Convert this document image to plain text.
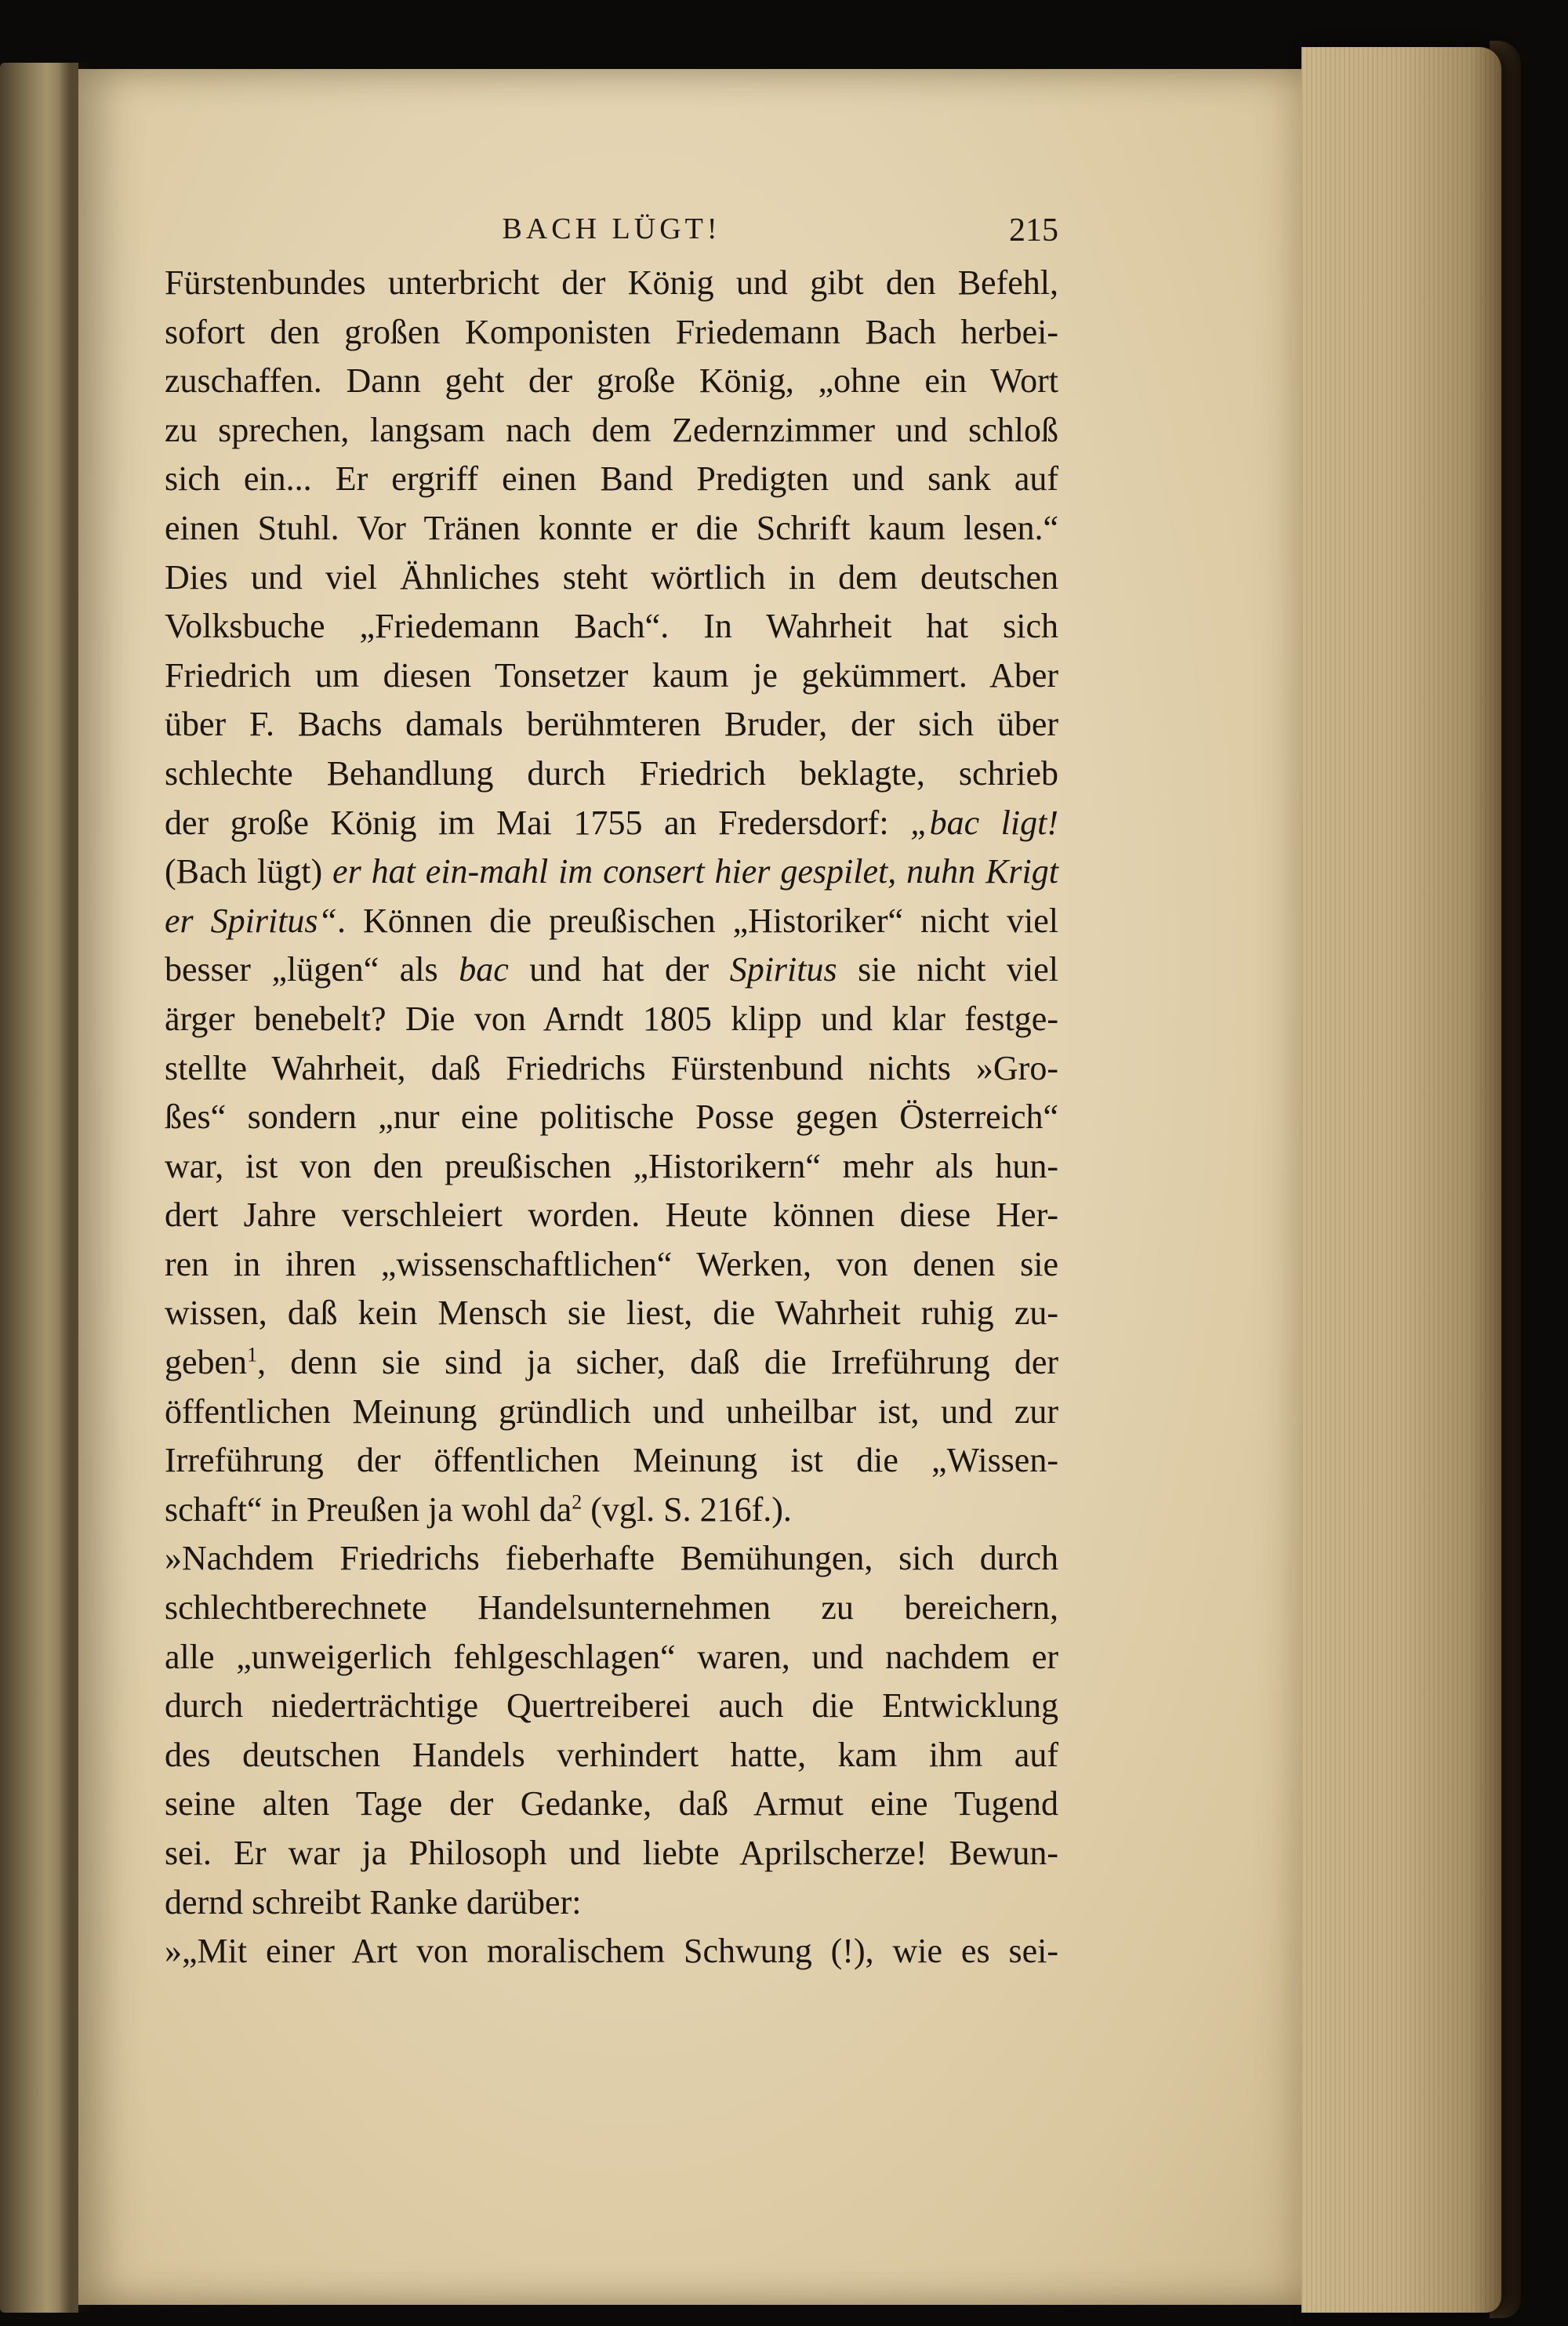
BACH LÜGT!	215
Fürstenbundes unterbricht der König und gibt den Befehl,
sofort den großen Komponisten Friedemann Bach herbei-
zuschaffen. Dann geht der große König, „ohne ein Wort
zu sprechen, langsam nach dem Zedernzimmer und schloß
sich ein... Er ergriff einen Band Predigten und sank auf
einen Stuhl. Vor Tränen konnte er die Schrift kaum lesen.“
Dies und viel Ähnliches steht wörtlich in dem deutschen
Volksbuche „Friedemann Bach“. In Wahrheit hat sich
Friedrich um diesen Tonsetzer kaum je gekümmert. Aber
über F. Bachs damals berühmteren Bruder, der sich über
schlechte Behandlung durch Friedrich beklagte, schrieb
der große König im Mai 1755 an Fredersdorf: „bac ligt!
(Bach lügt) er hat ein-mahl im consert hier gespilet, nuhn Krigt
er Spiritus“. Können die preußischen „Historiker“ nicht viel
besser „lügen“ als bac und hat der Spiritus sie nicht viel
ärger benebelt? Die von Arndt 1805 klipp und klar festge-
stellte Wahrheit, daß Friedrichs Fürstenbund nichts »Gro-
ßes“ sondern „nur eine politische Posse gegen Österreich“
war, ist von den preußischen „Historikern“ mehr als hun-
dert Jahre verschleiert worden. Heute können diese Her-
ren in ihren „wissenschaftlichen“ Werken, von denen sie
wissen, daß kein Mensch sie liest, die Wahrheit ruhig zu-
geben$^1$, denn sie sind ja sicher, daß die Irreführung der
öffentlichen Meinung gründlich und unheilbar ist, und zur
Irreführung der öffentlichen Meinung ist die „Wissen-
schaft“ in Preußen ja wohl da$^2$ (vgl. S. 216f.).
»Nachdem Friedrichs fieberhafte Bemühungen, sich durch
schlechtberechnete Handelsunternehmen zu bereichern,
alle „unweigerlich fehlgeschlagen“ waren, und nachdem er
durch niederträchtige Quertreiberei auch die Entwicklung
des deutschen Handels verhindert hatte, kam ihm auf
seine alten Tage der Gedanke, daß Armut eine Tugend
sei. Er war ja Philosoph und liebte Aprilscherze! Bewun-
dernd schreibt Ranke darüber:
»„Mit einer Art von moralischem Schwung (!), wie es sei-
